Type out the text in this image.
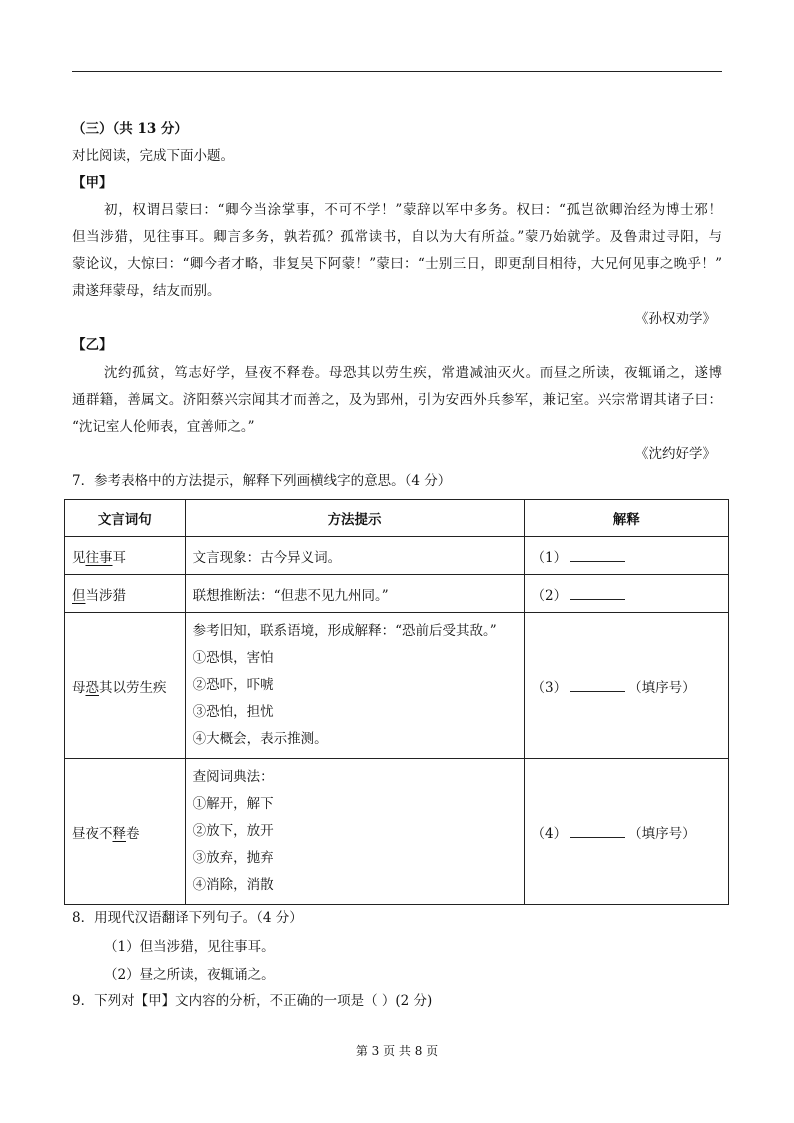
（三）（共 13 分）
对比阅读，完成下面小题。
【甲】
初，权谓吕蒙曰：“卿今当涂掌事，不可不学！”蒙辞以军中多务。权曰：“孤岂欲卿治经为博士邪！
但当涉猎，见往事耳。卿言多务，孰若孤？孤常读书，自以为大有所益。”蒙乃始就学。及鲁肃过寻阳，与
蒙论议，大惊曰：“卿今者才略，非复吴下阿蒙！”蒙曰：“士别三日，即更刮目相待，大兄何见事之晚乎！”
肃遂拜蒙母，结友而别。
《孙权劝学》
【乙】
沈约孤贫，笃志好学，昼夜不释卷。母恐其以劳生疾，常遣减油灭火。而昼之所读，夜辄诵之，遂博
通群籍，善属文。济阳蔡兴宗闻其才而善之，及为郢州，引为安西外兵参军，兼记室。兴宗常谓其诸子曰：
“沈记室人伦师表，宜善师之。”
《沈约好学》
7．参考表格中的方法提示，解释下列画横线字的意思。（4 分）
文言词句	方法提示	解释
见往事耳	文言现象：古今异义词。	（1）
但当涉猎	联想推断法：“但悲不见九州同。”	（2）
母恐其以劳生疾	参考旧知，联系语境，形成解释：“恐前后受其敌。”
①恐惧，害怕
②恐吓，吓唬
③恐怕，担忧
④大概会，表示推测。	（3） （填序号）
昼夜不释卷	查阅词典法：
①解开，解下
②放下，放开
③放弃，抛弃
④消除，消散	（4） （填序号）
8．用现代汉语翻译下列句子。（4 分）
（1）但当涉猎，见往事耳。
（2）昼之所读，夜辄诵之。
9．下列对【甲】文内容的分析，不正确的一项是（ ）(2 分)
第 3 页 共 8 页
